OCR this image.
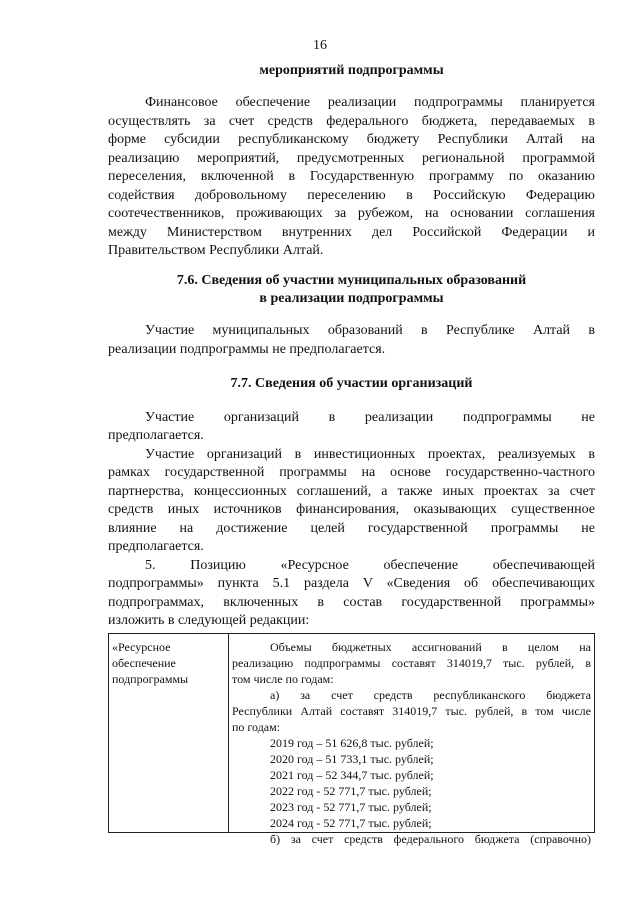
16
мероприятий подпрограммы
Финансовое обеспечение реализации подпрограммы планируется
осуществлять за счет средств федерального бюджета, передаваемых в
форме субсидии республиканскому бюджету Республики Алтай на
реализацию мероприятий, предусмотренных региональной программой
переселения, включенной в Государственную программу по оказанию
содействия добровольному переселению в Российскую Федерацию
соотечественников, проживающих за рубежом, на основании соглашения
между Министерством внутренних дел Российской Федерации и
Правительством Республики Алтай.
7.6. Сведения об участии муниципальных образований
в реализации подпрограммы
Участие муниципальных образований в Республике Алтай в
реализации подпрограммы не предполагается.
7.7. Сведения об участии организаций
Участие организаций в реализации подпрограммы не
предполагается.
Участие организаций в инвестиционных проектах, реализуемых в
рамках государственной программы на основе государственно-частного
партнерства, концессионных соглашений, а также иных проектах за счет
средств иных источников финансирования, оказывающих существенное
влияние на достижение целей государственной программы не
предполагается.
5. Позицию «Ресурсное обеспечение обеспечивающей
подпрограммы» пункта 5.1 раздела V «Сведения об обеспечивающих
подпрограммах, включенных в состав государственной программы»
изложить в следующей редакции:
«Ресурсное
обеспечение
подпрограммы
Объемы бюджетных ассигнований в целом на
реализацию подпрограммы составят 314019,7 тыс. рублей, в
том числе по годам:
а) за счет средств республиканского бюджета
Республики Алтай составят 314019,7 тыс. рублей, в том числе
по годам:
2019 год – 51 626,8 тыс. рублей;
2020 год – 51 733,1 тыс. рублей;
2021 год – 52 344,7 тыс. рублей;
2022 год - 52 771,7 тыс. рублей;
2023 год - 52 771,7 тыс. рублей;
2024 год - 52 771,7 тыс. рублей;
б) за счет средств федерального бюджета (справочно)
